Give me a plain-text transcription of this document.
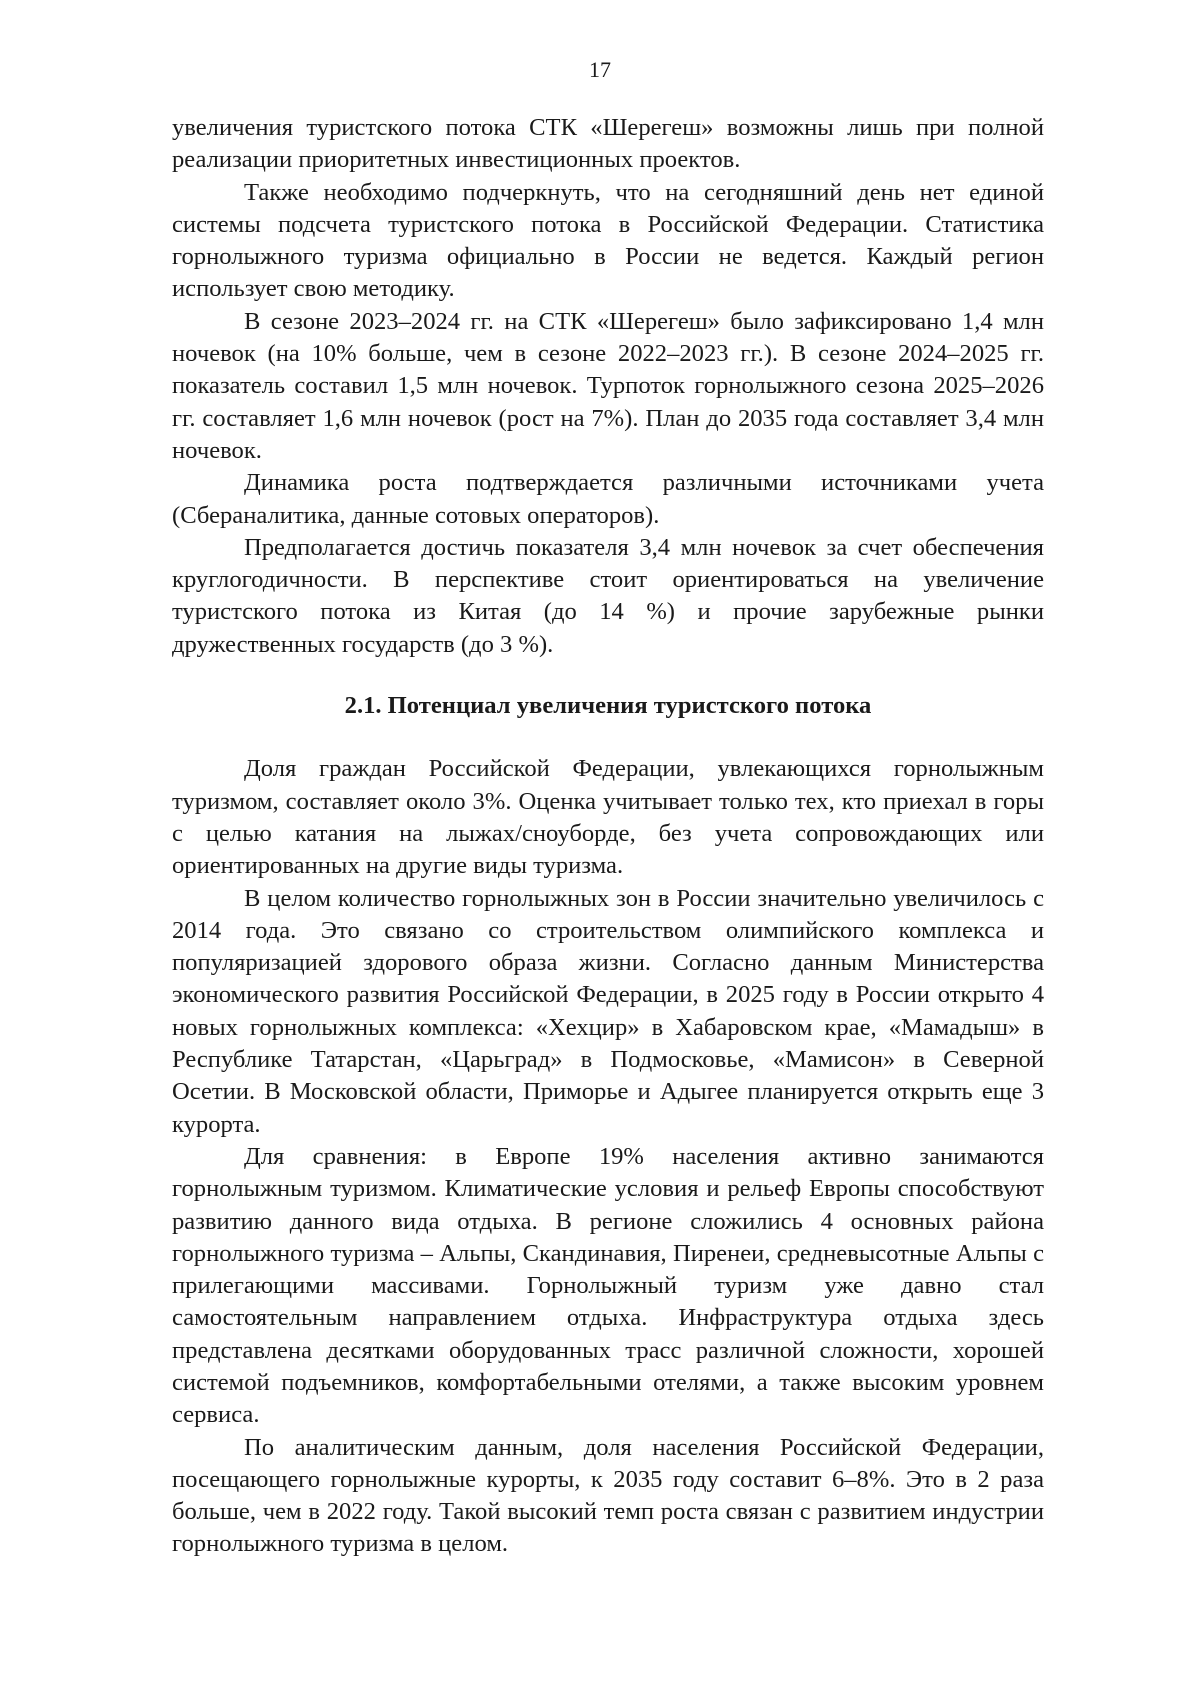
17

увеличения туристского потока СТК «Шерегеш» возможны лишь при полной реализации приоритетных инвестиционных проектов.

Также необходимо подчеркнуть, что на сегодняшний день нет единой системы подсчета туристского потока в Российской Федерации. Статистика горнолыжного туризма официально в России не ведется. Каждый регион использует свою методику.

В сезоне 2023–2024 гг. на СТК «Шерегеш» было зафиксировано 1,4 млн ночевок (на 10% больше, чем в сезоне 2022–2023 гг.). В сезоне 2024–2025 гг. показатель составил 1,5 млн ночевок. Турпоток горнолыжного сезона 2025–2026 гг. составляет 1,6 млн ночевок (рост на 7%). План до 2035 года составляет 3,4 млн ночевок.

Динамика роста подтверждается различными источниками учета (Сбераналитика, данные сотовых операторов).

Предполагается достичь показателя 3,4 млн ночевок за счет обеспечения круглогодичности. В перспективе стоит ориентироваться на увеличение туристского потока из Китая (до 14 %) и прочие зарубежные рынки дружественных государств (до 3 %).

2.1. Потенциал увеличения туристского потока

Доля граждан Российской Федерации, увлекающихся горнолыжным туризмом, составляет около 3%. Оценка учитывает только тех, кто приехал в горы с целью катания на лыжах/сноуборде, без учета сопровождающих или ориентированных на другие виды туризма.

В целом количество горнолыжных зон в России значительно увеличилось с 2014 года. Это связано со строительством олимпийского комплекса и популяризацией здорового образа жизни. Согласно данным Министерства экономического развития Российской Федерации, в 2025 году в России открыто 4 новых горнолыжных комплекса: «Хехцир» в Хабаровском крае, «Мамадыш» в Республике Татарстан, «Царьград» в Подмосковье, «Мамисон» в Северной Осетии. В Московской области, Приморье и Адыгее планируется открыть еще 3 курорта.

Для сравнения: в Европе 19% населения активно занимаются горнолыжным туризмом. Климатические условия и рельеф Европы способствуют развитию данного вида отдыха. В регионе сложились 4 основных района горнолыжного туризма – Альпы, Скандинавия, Пиренеи, средневысотные Альпы с прилегающими массивами. Горнолыжный туризм уже давно стал самостоятельным направлением отдыха. Инфраструктура отдыха здесь представлена десятками оборудованных трасс различной сложности, хорошей системой подъемников, комфортабельными отелями, а также высоким уровнем сервиса.

По аналитическим данным, доля населения Российской Федерации, посещающего горнолыжные курорты, к 2035 году составит 6–8%. Это в 2 раза больше, чем в 2022 году. Такой высокий темп роста связан с развитием индустрии горнолыжного туризма в целом.
